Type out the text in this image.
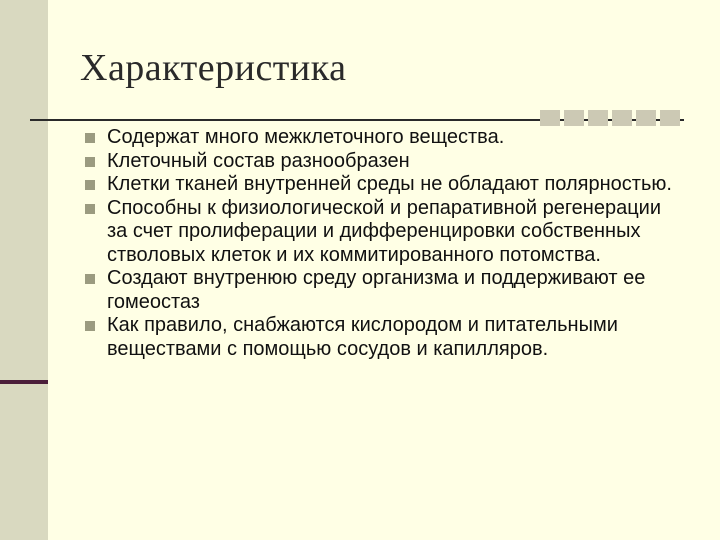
Характеристика
Содержат много межклеточного вещества.
Клеточный состав разнообразен
Клетки тканей внутренней среды не обладают полярностью.
Способны к физиологической и репаративной регенерации за счет пролиферации и дифференцировки собственных стволовых клеток и их коммитированного потомства.
Создают внутренюю среду организма и поддерживают ее гомеостаз
Как правило, снабжаются кислородом и питательными веществами с помощью сосудов и капилляров.
